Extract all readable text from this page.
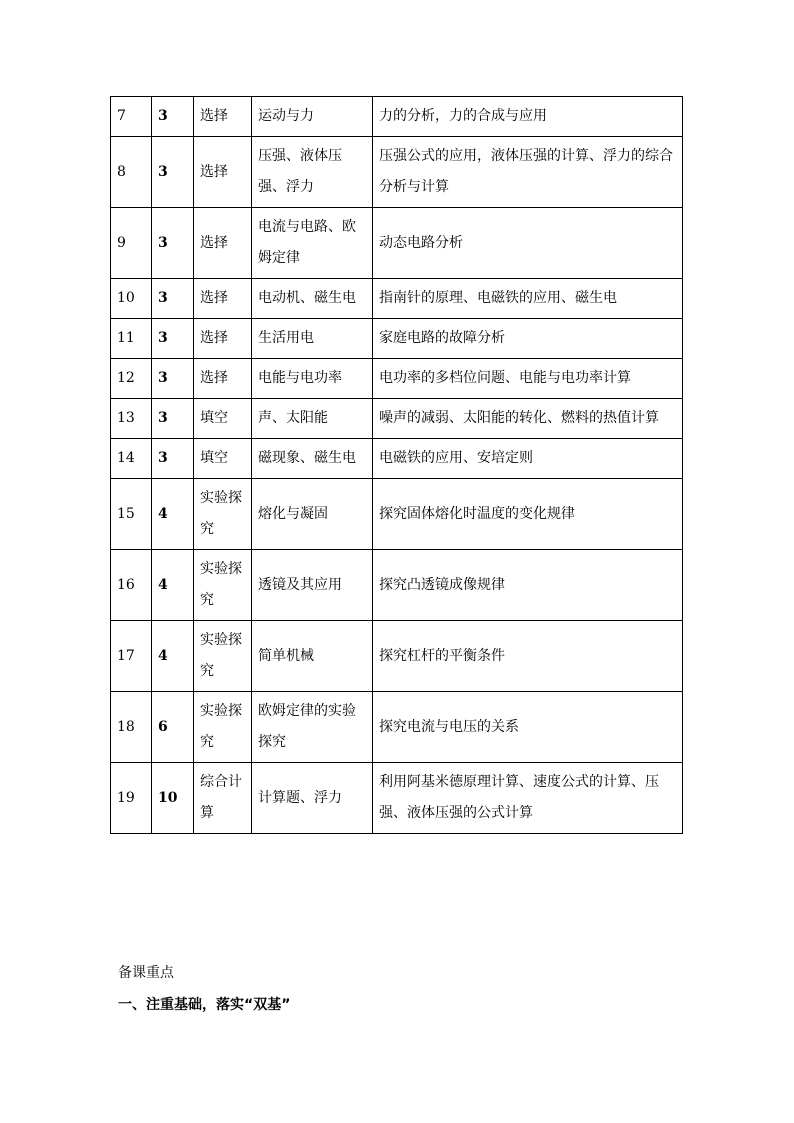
7	3	选择	运动与力	力的分析，力的合成与应用
8	3	选择	压强、液体压强、浮力	压强公式的应用，液体压强的计算、浮力的综合分析与计算
9	3	选择	电流与电路、欧姆定律	动态电路分析
10	3	选择	电动机、磁生电	指南针的原理、电磁铁的应用、磁生电
11	3	选择	生活用电	家庭电路的故障分析
12	3	选择	电能与电功率	电功率的多档位问题、电能与电功率计算
13	3	填空	声、太阳能	噪声的减弱、太阳能的转化、燃料的热值计算
14	3	填空	磁现象、磁生电	电磁铁的应用、安培定则
15	4	实验探究	熔化与凝固	探究固体熔化时温度的变化规律
16	4	实验探究	透镜及其应用	探究凸透镜成像规律
17	4	实验探究	简单机械	探究杠杆的平衡条件
18	6	实验探究	欧姆定律的实验探究	探究电流与电压的关系
19	10	综合计算	计算题、浮力	利用阿基米德原理计算、速度公式的计算、压强、液体压强的公式计算
备课重点
一、注重基础，落实“双基”
